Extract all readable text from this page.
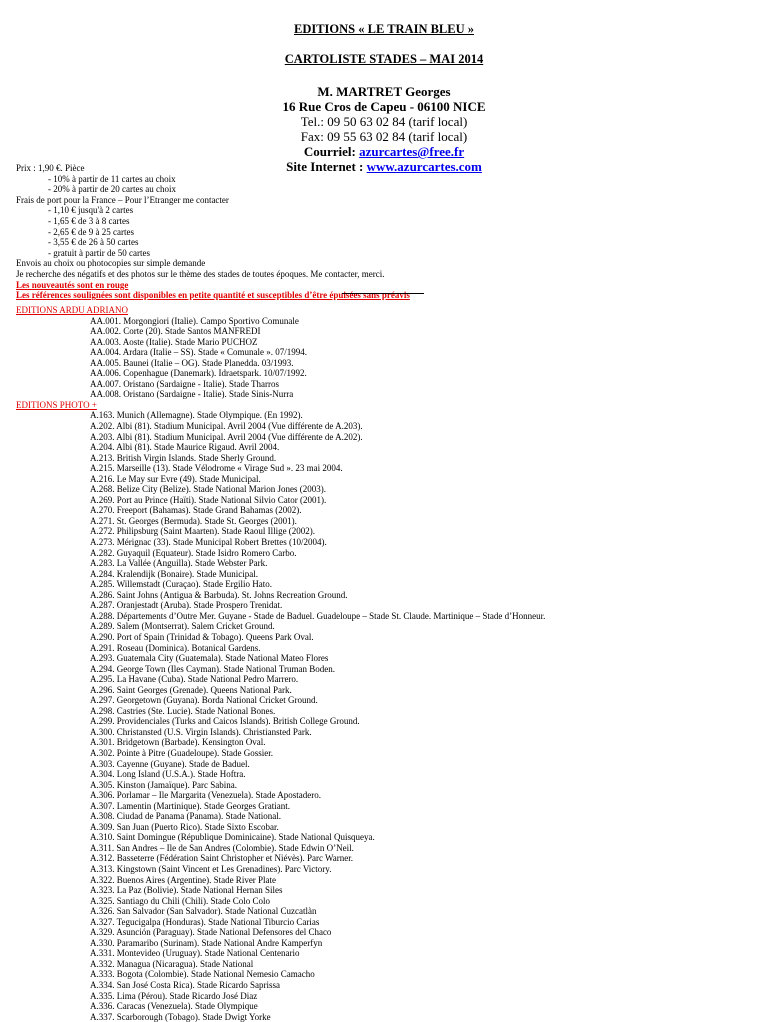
EDITIONS « LE TRAIN BLEU »
CARTOLISTE STADES – MAI 2014
M. MARTRET Georges
16 Rue Cros de Capeu - 06100 NICE
Tel.: 09 50 63 02 84 (tarif local)
Fax: 09 55 63 02 84 (tarif local)
Courriel: azurcartes@free.fr
Site Internet : www.azurcartes.com
Prix : 1,90 €. Pièce
- 10% à partir de 11 cartes au choix
- 20% à partir de 20 cartes au choix
Frais de port pour la France – Pour l’Etranger me contacter
- 1,10 € jusqu'à 2 cartes
- 1,65 € de 3 à 8 cartes
- 2,65 € de 9 à 25 cartes
- 3,55 € de 26 à 50 cartes
- gratuit à partir de 50 cartes
Envois au choix ou photocopies sur simple demande
Je recherche des négatifs et des photos sur le thème des stades de toutes époques. Me contacter, merci.
Les nouveautés sont en rouge
Les références soulignées sont disponibles en petite quantité et susceptibles d’être épuisées sans préavis
EDITIONS ARDU ADRIANO
AA.001. Morgongiori (Italie). Campo Sportivo Comunale
AA.002. Corte (20). Stade Santos MANFREDI
AA.003. Aoste (Italie). Stade Mario PUCHOZ
AA.004. Ardara (Italie – SS). Stade « Comunale ». 07/1994.
AA.005. Baunei (Italie – OG). Stade Planedda. 03/1993.
AA.006. Copenhague (Danemark). Idraetspark. 10/07/1992.
AA.007. Oristano (Sardaigne - Italie). Stade Tharros
AA.008. Oristano (Sardaigne - Italie). Stade Sinis-Nurra
EDITIONS PHOTO +
A.163. Munich (Allemagne). Stade Olympique. (En 1992).
A.202. Albi (81). Stadium Municipal. Avril 2004 (Vue différente de A.203).
A.203. Albi (81). Stadium Municipal. Avril 2004 (Vue différente de A.202).
A.204. Albi (81). Stade Maurice Rigaud. Avril 2004.
A.213. British Virgin Islands. Stade Sherly Ground.
A.215. Marseille (13). Stade Vélodrome « Virage Sud ». 23 mai 2004.
A.216. Le May sur Evre (49). Stade Municipal.
A.268. Belize City (Belize). Stade National Marion Jones (2003).
A.269. Port au Prince (Haïti). Stade National Silvio Cator (2001).
A.270. Freeport (Bahamas). Stade Grand Bahamas (2002).
A.271. St. Georges (Bermuda). Stade St. Georges (2001).
A.272. Philipsburg (Saint Maarten). Stade Raoul Illige (2002).
A.273. Mérignac (33). Stade Municipal Robert Brettes (10/2004).
A.282. Guyaquil (Equateur). Stade Isidro Romero Carbo.
A.283. La Vallée (Anguilla). Stade Webster Park.
A.284. Kralendijk (Bonaire). Stade Municipal.
A.285. Willemstadt (Curaçao). Stade Ergilio Hato.
A.286. Saint Johns (Antigua & Barbuda). St. Johns Recreation Ground.
A.287. Oranjestadt (Aruba). Stade Prospero Trenidat.
A.288. Départements d’Outre Mer. Guyane - Stade de Baduel. Guadeloupe – Stade St. Claude. Martinique – Stade d’Honneur.
A.289. Salem (Montserrat). Salem Cricket Ground.
A.290. Port of Spain (Trinidad & Tobago). Queens Park Oval.
A.291. Roseau (Dominica). Botanical Gardens.
A.293. Guatemala City (Guatemala). Stade National Mateo Flores
A.294. George Town (Iles Cayman). Stade National Truman Boden.
A.295. La Havane (Cuba). Stade National Pedro Marrero.
A.296. Saint Georges (Grenade). Queens National Park.
A.297. Georgetown (Guyana). Borda National Cricket Ground.
A.298. Castries (Ste. Lucie). Stade National Bones.
A.299. Providenciales (Turks and Caicos Islands). British College Ground.
A.300. Christansted (U.S. Virgin Islands). Christiansted Park.
A.301. Bridgetown (Barbade). Kensington Oval.
A.302. Pointe à Pitre (Guadeloupe). Stade Gossier.
A.303. Cayenne (Guyane). Stade de Baduel.
A.304. Long Island (U.S.A.). Stade Hoftra.
A.305. Kinston (Jamaïque). Parc Sabina.
A.306. Porlamar – Ile Margarita (Venezuela). Stade Apostadero.
A.307. Lamentin (Martinique). Stade Georges Gratiant.
A.308. Ciudad de Panama (Panama). Stade National.
A.309. San Juan (Puerto Rico). Stade Sixto Escobar.
A.310. Saint Domingue (République Dominicaine). Stade National Quisqueya.
A.311. San Andres – Ile de San Andres (Colombie). Stade Edwin O’Neil.
A.312. Basseterre (Fédération Saint Christopher et Niévès). Parc Warner.
A.313. Kingstown (Saint Vincent et Les Grenadines). Parc Victory.
A.322. Buenos Aires (Argentine). Stade River Plate
A.323. La Paz (Bolivie). Stade National Hernan Siles
A.325. Santiago du Chili (Chili). Stade Colo Colo
A.326. San Salvador (San Salvador). Stade National Cuzcatlàn
A.327. Tegucigalpa (Honduras). Stade National Tiburcio Carias
A.329. Asunción (Paraguay). Stade National Defensores del Chaco
A.330. Paramaribo (Surinam). Stade National Andre Kamperfyn
A.331. Montevideo (Uruguay). Stade National Centenario
A.332. Managua (Nicaragua). Stade National
A.333. Bogota (Colombie). Stade National Nemesio Camacho
A.334. San José Costa Rica). Stade Ricardo Saprissa
A.335. Lima (Pérou). Stade Ricardo José Diaz
A.336. Caracas (Venezuela). Stade Olympique
A.337. Scarborough (Tobago). Stade Dwigt Yorke
